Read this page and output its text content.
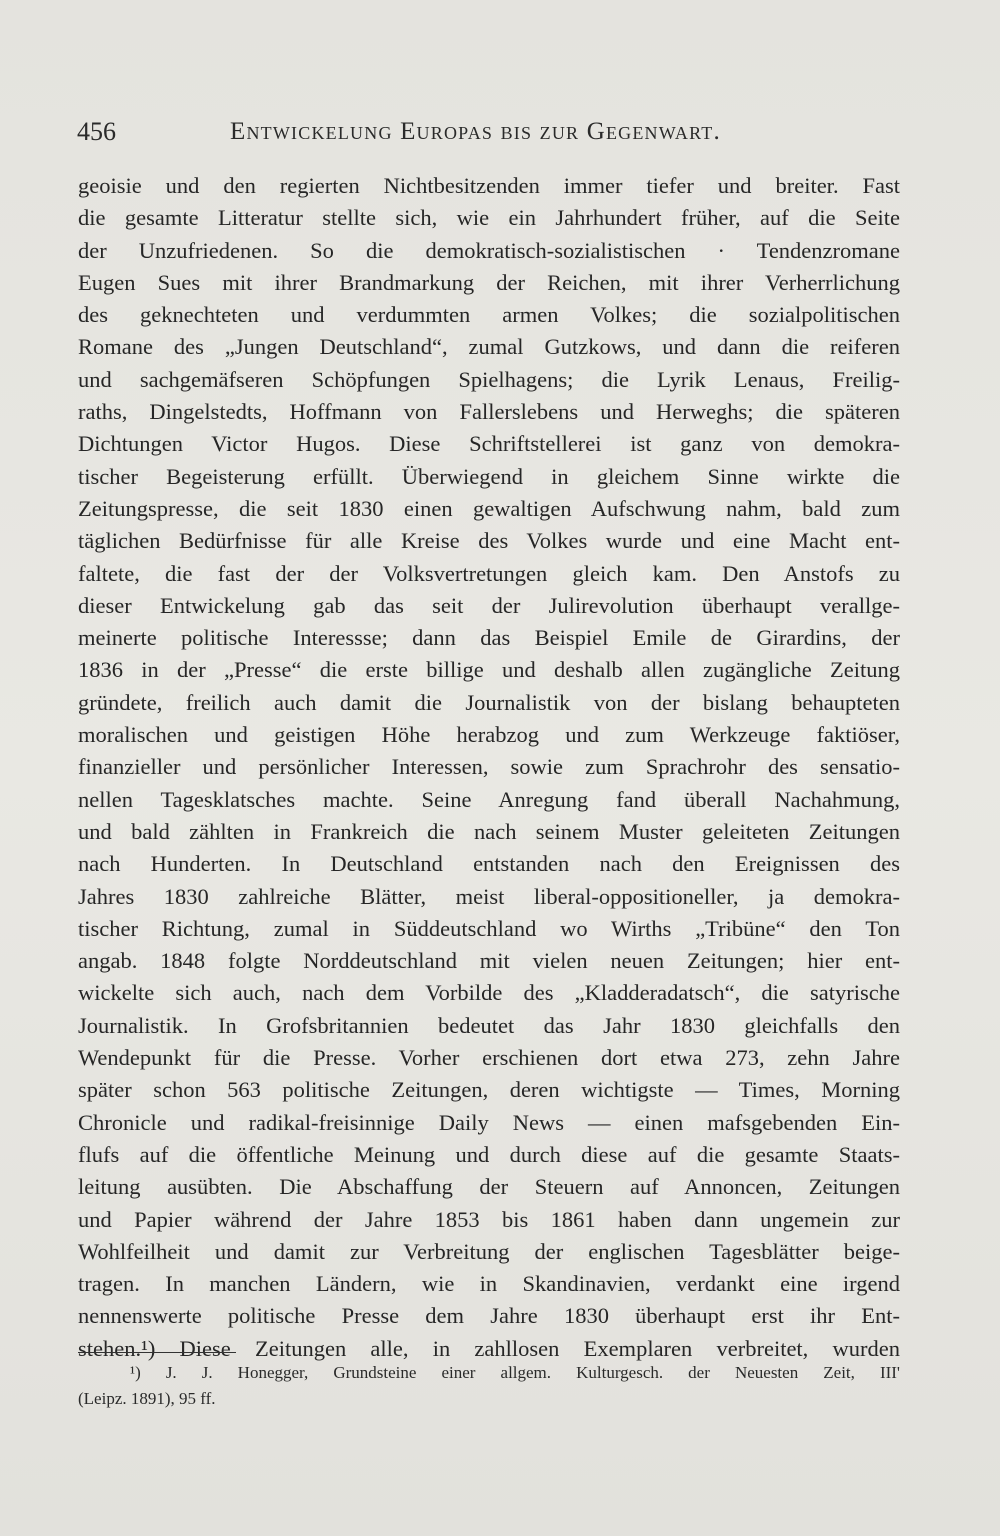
456	Entwickelung Europas bis zur Gegenwart.
geoisie und den regierten Nichtbesitzenden immer tiefer und breiter. Fast
die gesamte Litteratur stellte sich, wie ein Jahrhundert früher, auf die Seite
der Unzufriedenen. So die demokratisch-sozialistischen · Tendenzromane
Eugen Sues mit ihrer Brandmarkung der Reichen, mit ihrer Verherrlichung
des geknechteten und verdummten armen Volkes; die sozialpolitischen
Romane des „Jungen Deutschland“, zumal Gutzkows, und dann die reiferen
und sachgemäfseren Schöpfungen Spielhagens; die Lyrik Lenaus, Freilig-
raths, Dingelstedts, Hoffmann von Fallerslebens und Herweghs; die späteren
Dichtungen Victor Hugos. Diese Schriftstellerei ist ganz von demokra-
tischer Begeisterung erfüllt. Überwiegend in gleichem Sinne wirkte die
Zeitungspresse, die seit 1830 einen gewaltigen Aufschwung nahm, bald zum
täglichen Bedürfnisse für alle Kreise des Volkes wurde und eine Macht ent-
faltete, die fast der der Volksvertretungen gleich kam. Den Anstofs zu
dieser Entwickelung gab das seit der Julirevolution überhaupt verallge-
meinerte politische Interessse; dann das Beispiel Emile de Girardins, der
1836 in der „Presse“ die erste billige und deshalb allen zugängliche Zeitung
gründete, freilich auch damit die Journalistik von der bislang behaupteten
moralischen und geistigen Höhe herabzog und zum Werkzeuge faktiöser,
finanzieller und persönlicher Interessen, sowie zum Sprachrohr des sensatio-
nellen Tagesklatsches machte. Seine Anregung fand überall Nachahmung,
und bald zählten in Frankreich die nach seinem Muster geleiteten Zeitungen
nach Hunderten. In Deutschland entstanden nach den Ereignissen des
Jahres 1830 zahlreiche Blätter, meist liberal-oppositioneller, ja demokra-
tischer Richtung, zumal in Süddeutschland wo Wirths „Tribüne“ den Ton
angab. 1848 folgte Norddeutschland mit vielen neuen Zeitungen; hier ent-
wickelte sich auch, nach dem Vorbilde des „Kladderadatsch“, die satyrische
Journalistik. In Grofsbritannien bedeutet das Jahr 1830 gleichfalls den
Wendepunkt für die Presse. Vorher erschienen dort etwa 273, zehn Jahre
später schon 563 politische Zeitungen, deren wichtigste — Times, Morning
Chronicle und radikal-freisinnige Daily News — einen mafsgebenden Ein-
flufs auf die öffentliche Meinung und durch diese auf die gesamte Staats-
leitung ausübten. Die Abschaffung der Steuern auf Annoncen, Zeitungen
und Papier während der Jahre 1853 bis 1861 haben dann ungemein zur
Wohlfeilheit und damit zur Verbreitung der englischen Tagesblätter beige-
tragen. In manchen Ländern, wie in Skandinavien, verdankt eine irgend
nennenswerte politische Presse dem Jahre 1830 überhaupt erst ihr Ent-
stehen.¹) Diese Zeitungen alle, in zahllosen Exemplaren verbreitet, wurden
¹) J. J. Honegger, Grundsteine einer allgem. Kulturgesch. der Neuesten Zeit, III'
(Leipz. 1891), 95 ff.
